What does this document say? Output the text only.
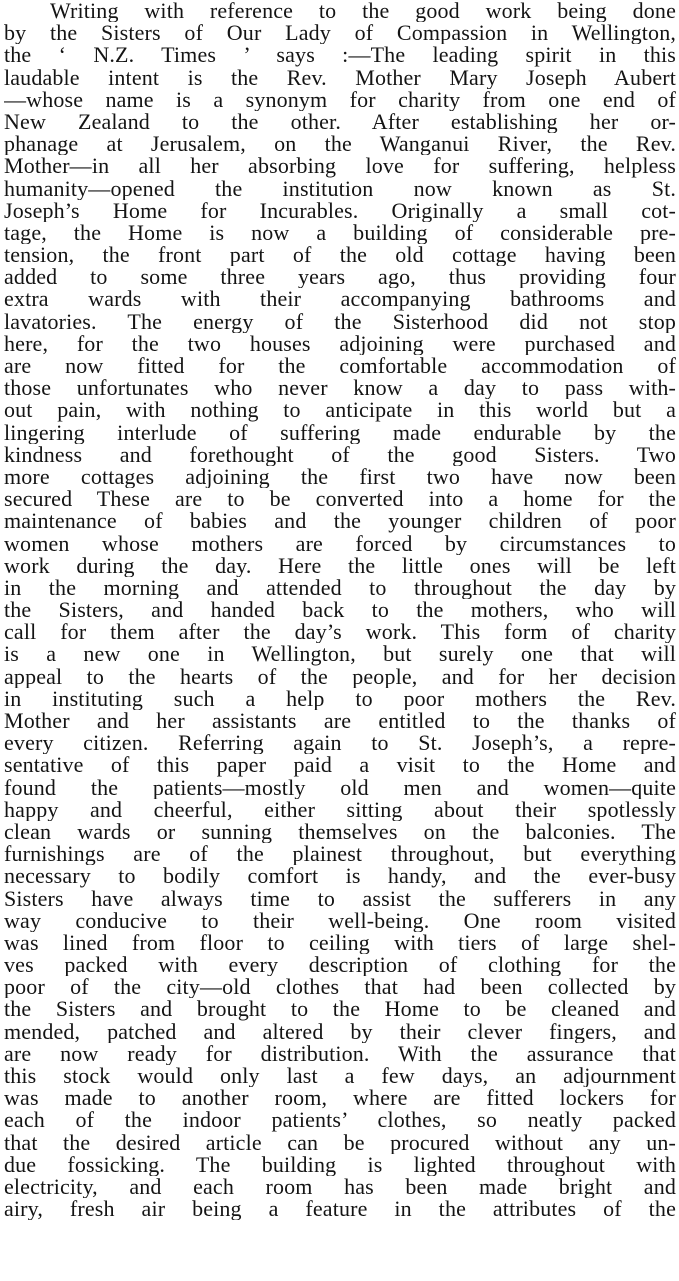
Writing with reference to the good work being done
by the Sisters of Our Lady of Compassion in Wellington,
the ‘ N.Z. Times ’ says :—The leading spirit in this
laudable intent is the Rev. Mother Mary Joseph Aubert
—whose name is a synonym for charity from one end of
New Zealand to the other. After establishing her or-
phanage at Jerusalem, on the Wanganui River, the Rev.
Mother—in all her absorbing love for suffering, helpless
humanity—opened the institution now known as St.
Joseph’s Home for Incurables. Originally a small cot-
tage, the Home is now a building of considerable pre-
tension, the front part of the old cottage having been
added to some three years ago, thus providing four
extra wards with their accompanying bathrooms and
lavatories. The energy of the Sisterhood did not stop
here, for the two houses adjoining were purchased and
are now fitted for the comfortable accommodation of
those unfortunates who never know a day to pass with-
out pain, with nothing to anticipate in this world but a
lingering interlude of suffering made endurable by the
kindness and forethought of the good Sisters. Two
more cottages adjoining the first two have now been
secured These are to be converted into a home for the
maintenance of babies and the younger children of poor
women whose mothers are forced by circumstances to
work during the day. Here the little ones will be left
in the morning and attended to throughout the day by
the Sisters, and handed back to the mothers, who will
call for them after the day’s work. This form of charity
is a new one in Wellington, but surely one that will
appeal to the hearts of the people, and for her decision
in instituting such a help to poor mothers the Rev.
Mother and her assistants are entitled to the thanks of
every citizen. Referring again to St. Joseph’s, a repre-
sentative of this paper paid a visit to the Home and
found the patients—mostly old men and women—quite
happy and cheerful, either sitting about their spotlessly
clean wards or sunning themselves on the balconies. The
furnishings are of the plainest throughout, but everything
necessary to bodily comfort is handy, and the ever-busy
Sisters have always time to assist the sufferers in any
way conducive to their well-being. One room visited
was lined from floor to ceiling with tiers of large shel-
ves packed with every description of clothing for the
poor of the city—old clothes that had been collected by
the Sisters and brought to the Home to be cleaned and
mended, patched and altered by their clever fingers, and
are now ready for distribution. With the assurance that
this stock would only last a few days, an adjournment
was made to another room, where are fitted lockers for
each of the indoor patients’ clothes, so neatly packed
that the desired article can be procured without any un-
due fossicking. The building is lighted throughout with
electricity, and each room has been made bright and
airy, fresh air being a feature in the attributes of the
